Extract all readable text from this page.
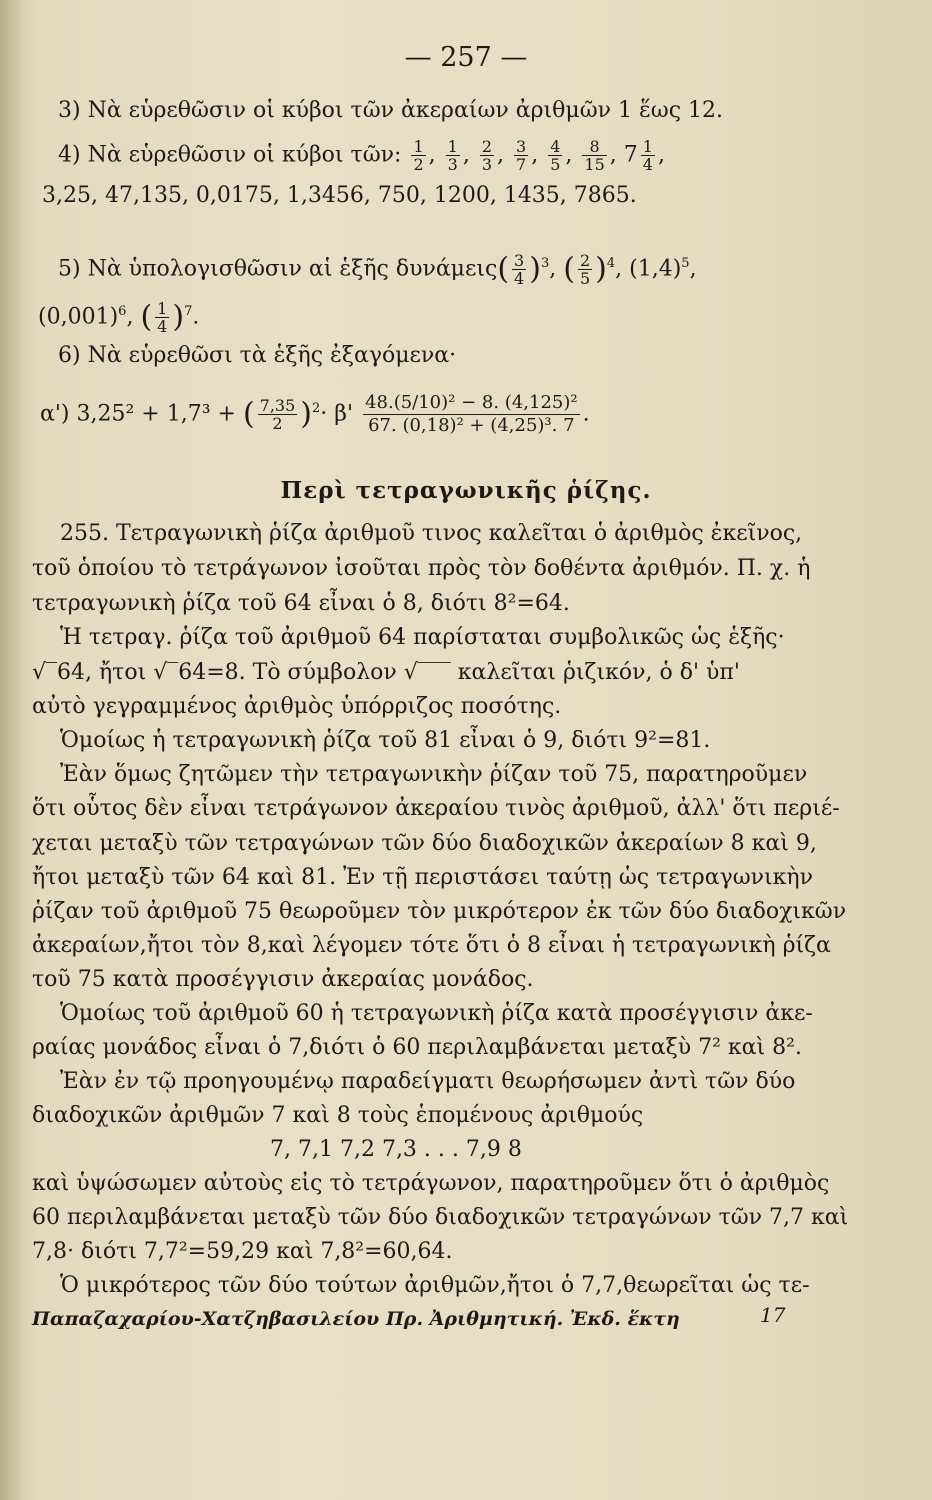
— 257 —
3) Νὰ εὑρεθῶσιν οἱ κύβοι τῶν ἀκεραίων ἀριθμῶν 1 ἕως 12.
4) Νὰ εὑρεθῶσιν οἱ κύβοι τῶν: $\frac{1}{2}$ , $\frac{1}{3}$ , $\frac{2}{3}$ , $\frac{3}{7}$ , $\frac{4}{5}$ , $\frac{8}{15}$ , $7 \frac{1}{4}$ ,
3,25, 47,135, 0,0175, 1,3456, 750, 1200, 1435, 7865.
5) Νὰ ὑπολογισθῶσιν αἱ ἑξῆς $\delta\upsilon\nu ά\mu\varepsilon\iota\varsigma( \frac{3}{4} )^3$, ( $\frac{2}{5} )^4$, $(1,4)^5$,
$(0,001)^6$, ( $\frac{1}{4} )^7$.
6) Νὰ εὑρεθῶσι τὰ ἑξῆς ἐξαγόμενα·
α') 3,25² + 1,7³ + ( $\frac{7,35}{2} )^2\cdot \beta' \frac{\text{48.(5/10)² − 8. (4,125)²}}{\text{67. (0,18)² + (4,25)³. 7}}$ .
Περὶ τετραγωνικῆς ῥίζης.
255. Τετραγωνικὴ ῥίζα ἀριθμοῦ τινος καλεῖται ὁ ἀριθμὸς ἐκεῖνος,
τοῦ ὁποίου τὸ τετράγωνον ἰσοῦται πρὸς τὸν δοθέντα ἀριθμόν. Π. χ. ἡ
τετραγωνικὴ ῥίζα τοῦ 64 εἶναι ὁ 8, διότι 8²=64.
Ἡ τετραγ. ῥίζα τοῦ ἀριθμοῦ 64 παρίσταται συμβολικῶς ὡς ἑξῆς·
√‾64, ἤτοι √‾64=8. Τὸ σύμβολον √‾‾‾ καλεῖται ῥιζικόν, ὁ δ' ὑπ'
αὐτὸ γεγραμμένος ἀριθμὸς ὑπόρριζος ποσότης.
Ὁμοίως ἡ τετραγωνικὴ ῥίζα τοῦ 81 εἶναι ὁ 9, διότι 9²=81.
Ἐὰν ὅμως ζητῶμεν τὴν τετραγωνικὴν ῥίζαν τοῦ 75, παρατηροῦμεν
ὅτι οὗτος δὲν εἶναι τετράγωνον ἀκεραίου τινὸς ἀριθμοῦ, ἀλλ' ὅτι περιέ-
χεται μεταξὺ τῶν τετραγώνων τῶν δύο διαδοχικῶν ἀκεραίων 8 καὶ 9,
ἤτοι μεταξὺ τῶν 64 καὶ 81. Ἐν τῇ περιστάσει ταύτῃ ὡς τετραγωνικὴν
ῥίζαν τοῦ ἀριθμοῦ 75 θεωροῦμεν τὸν μικρότερον ἐκ τῶν δύο διαδοχικῶν
ἀκεραίων,ἤτοι τὸν 8,καὶ λέγομεν τότε ὅτι ὁ 8 εἶναι ἡ τετραγωνικὴ ῥίζα
τοῦ 75 κατὰ προσέγγισιν ἀκεραίας μονάδος.
Ὁμοίως τοῦ ἀριθμοῦ 60 ἡ τετραγωνικὴ ῥίζα κατὰ προσέγγισιν ἀκε-
ραίας μονάδος εἶναι ὁ 7,διότι ὁ 60 περιλαμβάνεται μεταξὺ 7² καὶ 8².
Ἐὰν ἐν τῷ προηγουμένῳ παραδείγματι θεωρήσωμεν ἀντὶ τῶν δύο
διαδοχικῶν ἀριθμῶν 7 καὶ 8 τοὺς ἑπομένους ἀριθμούς
7, 7,1 7,2 7,3 . . . 7,9 8
καὶ ὑψώσωμεν αὐτοὺς εἰς τὸ τετράγωνον, παρατηροῦμεν ὅτι ὁ ἀριθμὸς
60 περιλαμβάνεται μεταξὺ τῶν δύο διαδοχικῶν τετραγώνων τῶν 7,7 καὶ
7,8· διότι 7,7²=59,29 καὶ 7,8²=60,64.
Ὁ μικρότερος τῶν δύο τούτων ἀριθμῶν,ἤτοι ὁ 7,7,θεωρεῖται ὡς τε-
Παπαζαχαρίου-Χατζηβασιλείου Πρ. Ἀριθμητική. Ἐκδ. ἕκτη	17
